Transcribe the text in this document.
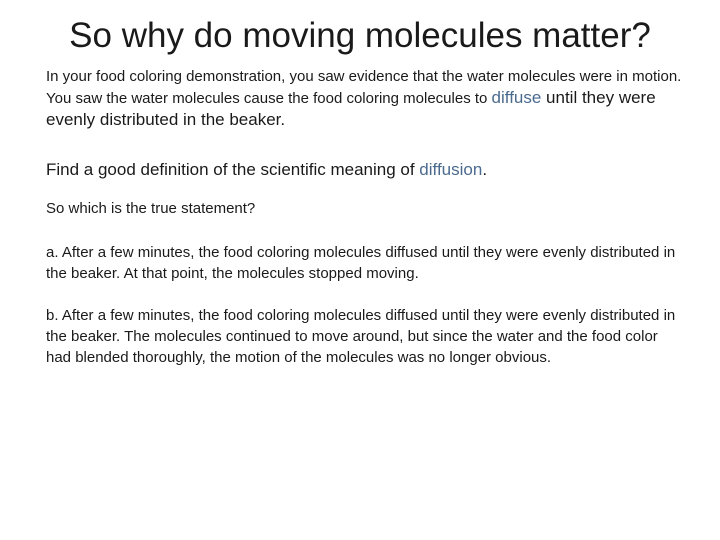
So why do moving molecules matter?

In your food coloring demonstration, you saw evidence that the water molecules were in motion. You saw the water molecules cause the food coloring molecules to diffuse until they were evenly distributed in the beaker.

Find a good definition of the scientific meaning of diffusion.

So which is the true statement?

a. After a few minutes, the food coloring molecules diffused until they were evenly distributed in the beaker. At that point, the molecules stopped moving.

b. After a few minutes, the food coloring molecules diffused until they were evenly distributed in the beaker. The molecules continued to move around, but since the water and the food color had blended thoroughly, the motion of the molecules was no longer obvious.
